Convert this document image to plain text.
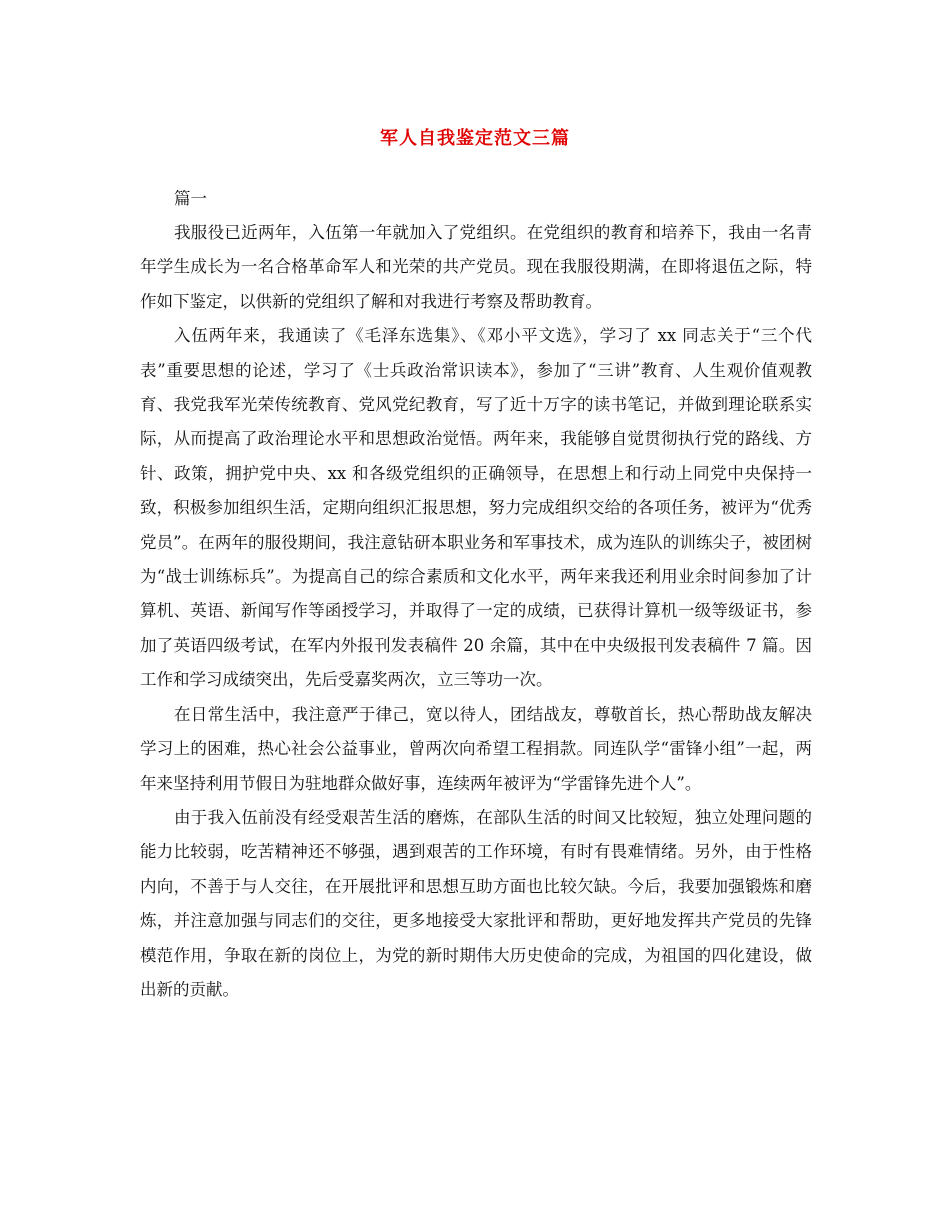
军人自我鉴定范文三篇

篇一

我服役已近两年，入伍第一年就加入了党组织。在党组织的教育和培养下，我由一名青年学生成长为一名合格革命军人和光荣的共产党员。现在我服役期满，在即将退伍之际，特作如下鉴定，以供新的党组织了解和对我进行考察及帮助教育。

入伍两年来，我通读了《毛泽东选集》、《邓小平文选》，学习了 xx 同志关于“三个代表”重要思想的论述，学习了《士兵政治常识读本》，参加了“三讲”教育、人生观价值观教育、我党我军光荣传统教育、党风党纪教育，写了近十万字的读书笔记，并做到理论联系实际，从而提高了政治理论水平和思想政治觉悟。两年来，我能够自觉贯彻执行党的路线、方针、政策，拥护党中央、xx 和各级党组织的正确领导，在思想上和行动上同党中央保持一致，积极参加组织生活，定期向组织汇报思想，努力完成组织交给的各项任务，被评为“优秀党员”。在两年的服役期间，我注意钻研本职业务和军事技术，成为连队的训练尖子，被团树为“战士训练标兵”。为提高自己的综合素质和文化水平，两年来我还利用业余时间参加了计算机、英语、新闻写作等函授学习，并取得了一定的成绩，已获得计算机一级等级证书，参加了英语四级考试，在军内外报刊发表稿件 20 余篇，其中在中央级报刊发表稿件 7 篇。因工作和学习成绩突出，先后受嘉奖两次，立三等功一次。

在日常生活中，我注意严于律己，宽以待人，团结战友，尊敬首长，热心帮助战友解决学习上的困难，热心社会公益事业，曾两次向希望工程捐款。同连队学“雷锋小组”一起，两年来坚持利用节假日为驻地群众做好事，连续两年被评为“学雷锋先进个人”。

由于我入伍前没有经受艰苦生活的磨炼，在部队生活的时间又比较短，独立处理问题的能力比较弱，吃苦精神还不够强，遇到艰苦的工作环境，有时有畏难情绪。另外，由于性格内向，不善于与人交往，在开展批评和思想互助方面也比较欠缺。今后，我要加强锻炼和磨炼，并注意加强与同志们的交往，更多地接受大家批评和帮助，更好地发挥共产党员的先锋模范作用，争取在新的岗位上，为党的新时期伟大历史使命的完成，为祖国的四化建设，做出新的贡献。
